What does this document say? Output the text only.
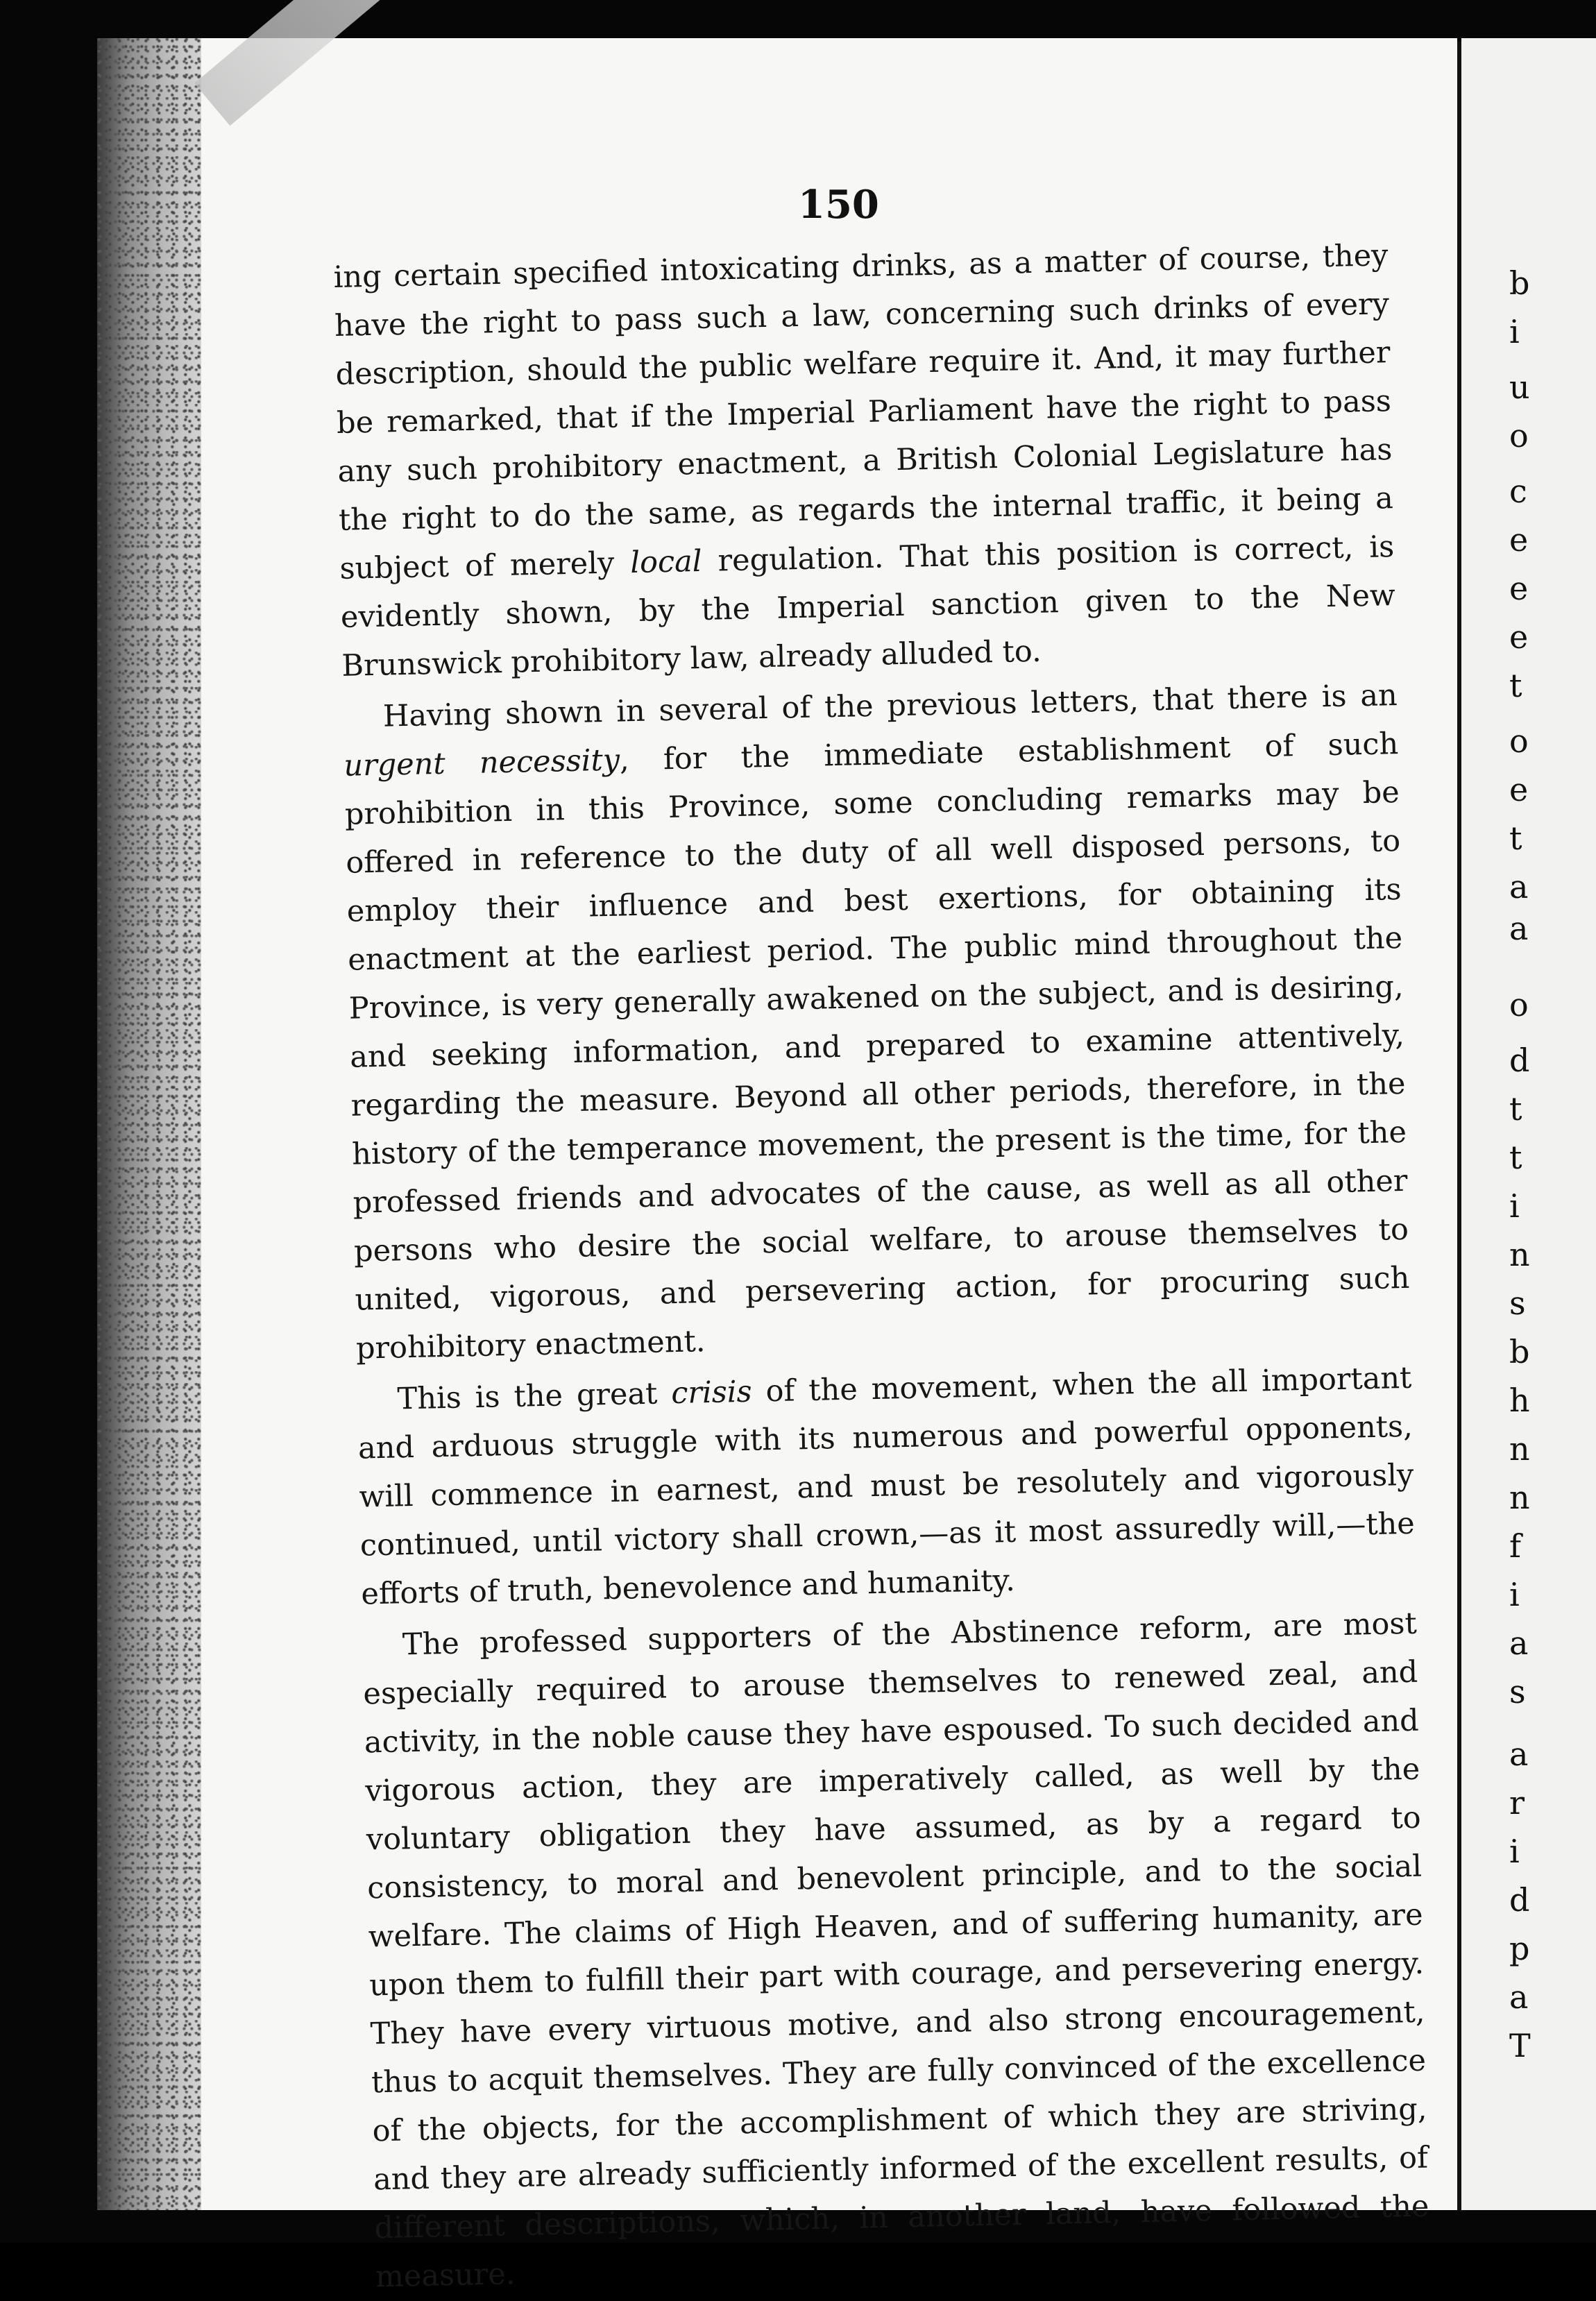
b
i
u
o
c
e
e
e
t
o
e
t
a
a
o
d
t
t
i
n
s
b
h
n
n
f
i
a
s
a
r
i
d
p
a
T
150

ing certain specified intoxicating drinks, as a matter of course, they have the right to pass such a law, concerning such drinks of every description, should the public welfare require it. And, it may further be remarked, that if the Imperial Parliament have the right to pass any such prohibitory enactment, a British Colonial Legislature has the right to do the same, as regards the internal traffic, it being a subject of merely local regulation. That this position is correct, is evidently shown, by the Imperial sanction given to the New Brunswick prohibitory law, already alluded to.

Having shown in several of the previous letters, that there is an urgent necessity, for the immediate establishment of such prohibition in this Province, some concluding remarks may be offered in reference to the duty of all well disposed persons, to employ their influence and best exertions, for obtaining its enactment at the earliest period. The public mind throughout the Province, is very generally awakened on the subject, and is desiring, and seeking information, and prepared to examine attentively, regarding the measure. Beyond all other periods, therefore, in the history of the temperance movement, the present is the time, for the professed friends and advocates of the cause, as well as all other persons who desire the social welfare, to arouse themselves to united, vigorous, and persevering action, for procuring such prohibitory enactment.

This is the great crisis of the movement, when the all important and arduous struggle with its numerous and powerful opponents, will commence in earnest, and must be resolutely and vigorously continued, until victory shall crown,—as it most assuredly will,—the efforts of truth, benevolence and humanity.

The professed supporters of the Abstinence reform, are most especially required to arouse themselves to renewed zeal, and activity, in the noble cause they have espoused. To such decided and vigorous action, they are imperatively called, as well by the voluntary obligation they have assumed, as by a regard to consistency, to moral and benevolent principle, and to the social welfare. The claims of High Heaven, and of suffering humanity, are upon them to fulfill their part with courage, and persevering energy. They have every virtuous motive, and also strong encouragement, thus to acquit themselves. They are fully convinced of the excellence of the objects, for the accomplishment of which they are striving, and they are already sufficiently informed of the excellent results, of different descriptions, which, in another land, have followed the measure.
